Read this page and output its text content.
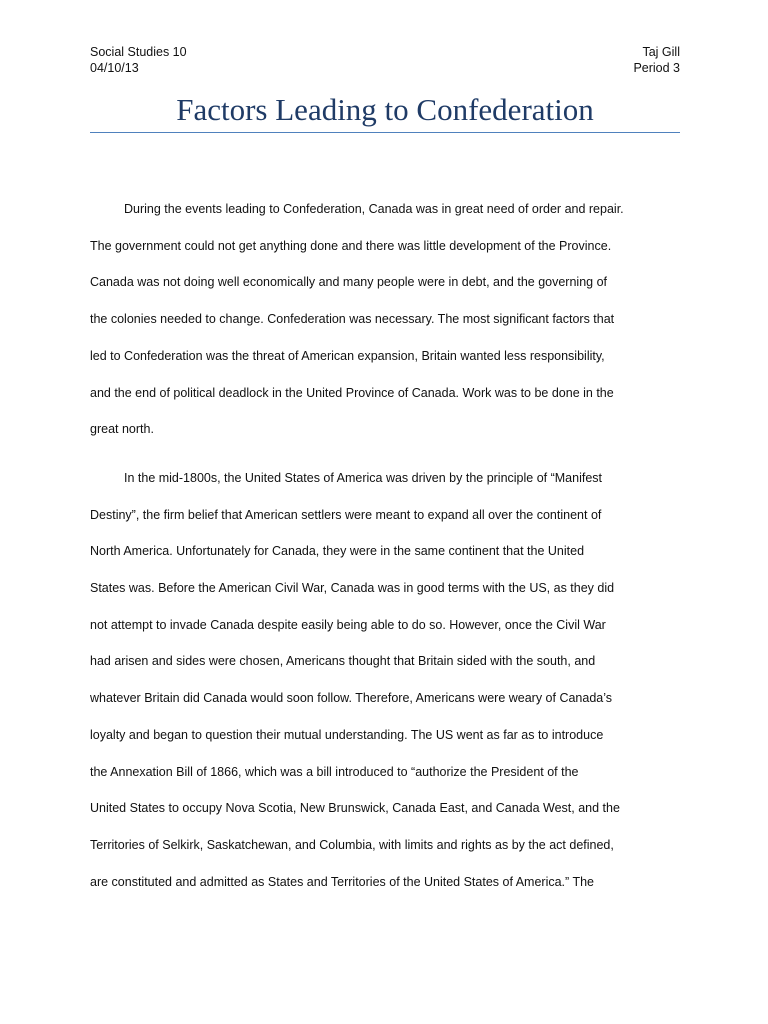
Social Studies 10
04/10/13
Taj Gill
Period 3
Factors Leading to Confederation
During the events leading to Confederation, Canada was in great need of order and repair.
The government could not get anything done and there was little development of the Province.
Canada was not doing well economically and many people were in debt, and the governing of
the colonies needed to change. Confederation was necessary. The most significant factors that
led to Confederation was the threat of American expansion, Britain wanted less responsibility,
and the end of political deadlock in the United Province of Canada. Work was to be done in the
great north.
In the mid-1800s, the United States of America was driven by the principle of “Manifest
Destiny”, the firm belief that American settlers were meant to expand all over the continent of
North America. Unfortunately for Canada, they were in the same continent that the United
States was. Before the American Civil War, Canada was in good terms with the US, as they did
not attempt to invade Canada despite easily being able to do so. However, once the Civil War
had arisen and sides were chosen, Americans thought that Britain sided with the south, and
whatever Britain did Canada would soon follow. Therefore, Americans were weary of Canada’s
loyalty and began to question their mutual understanding. The US went as far as to introduce
the Annexation Bill of 1866, which was a bill introduced to “authorize the President of the
United States to occupy Nova Scotia, New Brunswick, Canada East, and Canada West, and the
Territories of Selkirk, Saskatchewan, and Columbia, with limits and rights as by the act defined,
are constituted and admitted as States and Territories of the United States of America.” The
